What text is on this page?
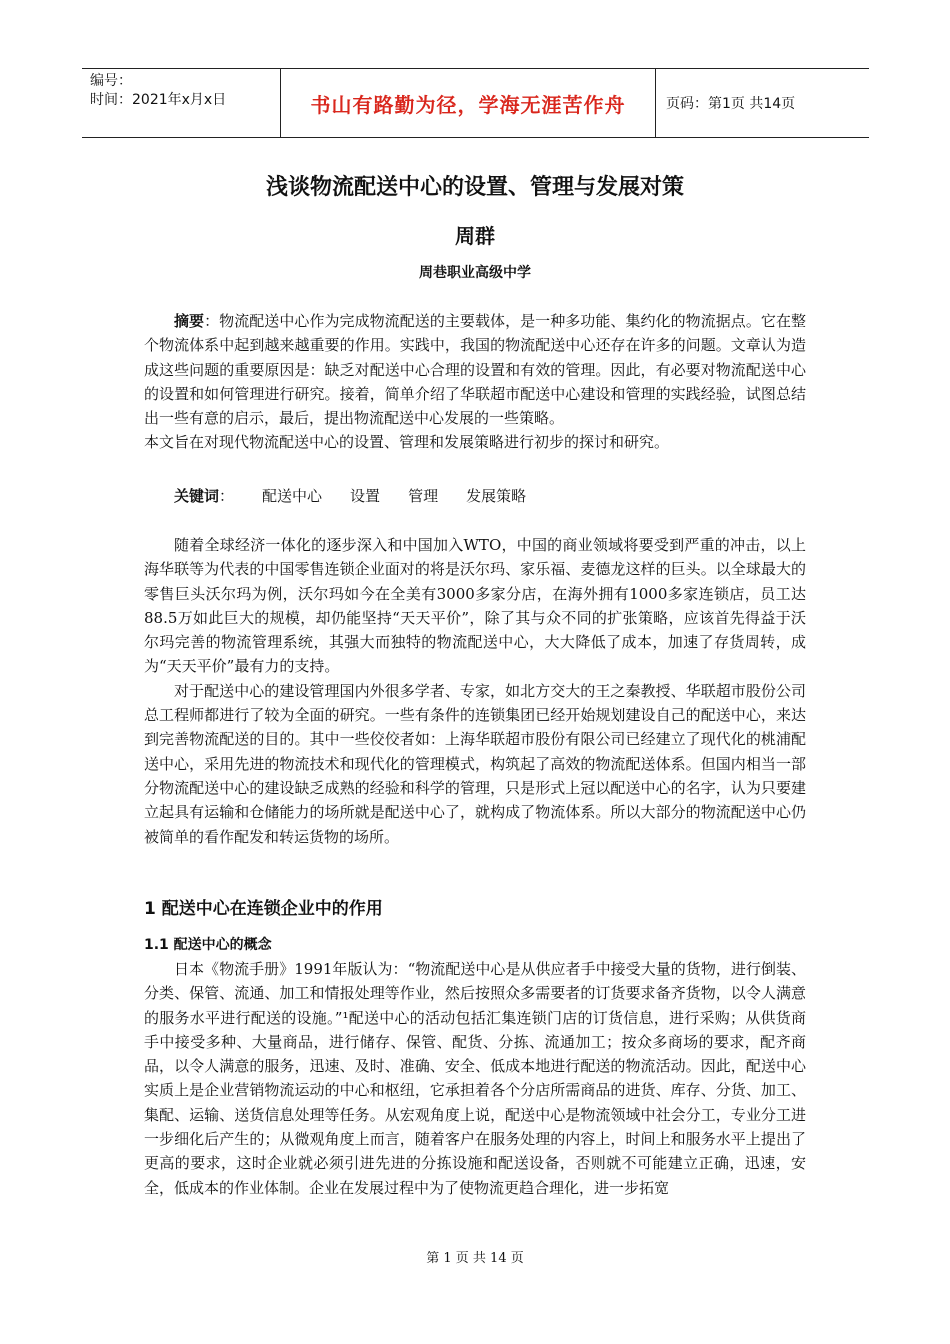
编号：
时间：2021年x月x日	书山有路勤为径，学海无涯苦作舟	页码：第1页 共14页
浅谈物流配送中心的设置、管理与发展对策
周群
周巷职业高级中学

摘要：物流配送中心作为完成物流配送的主要载体，是一种多功能、集约化的物流据点。它在整个物流体系中起到越来越重要的作用。实践中，我国的物流配送中心还存在许多的问题。文章认为造成这些问题的重要原因是：缺乏对配送中心合理的设置和有效的管理。因此，有必要对物流配送中心的设置和如何管理进行研究。接着，简单介绍了华联超市配送中心建设和管理的实践经验，试图总结出一些有意的启示，最后，提出物流配送中心发展的一些策略。

本文旨在对现代物流配送中心的设置、管理和发展策略进行初步的探讨和研究。

关键词： 配送中心 设置 管理 发展策略

随着全球经济一体化的逐步深入和中国加入WTO，中国的商业领域将要受到严重的冲击，以上海华联等为代表的中国零售连锁企业面对的将是沃尔玛、家乐福、麦德龙这样的巨头。以全球最大的零售巨头沃尔玛为例，沃尔玛如今在全美有3000多家分店，在海外拥有1000多家连锁店，员工达88.5万如此巨大的规模，却仍能坚持“天天平价”，除了其与众不同的扩张策略，应该首先得益于沃尔玛完善的物流管理系统，其强大而独特的物流配送中心，大大降低了成本，加速了存货周转，成为“天天平价”最有力的支持。

对于配送中心的建设管理国内外很多学者、专家，如北方交大的王之秦教授、华联超市股份公司总工程师都进行了较为全面的研究。一些有条件的连锁集团已经开始规划建设自己的配送中心，来达到完善物流配送的目的。其中一些佼佼者如：上海华联超市股份有限公司已经建立了现代化的桃浦配送中心，采用先进的物流技术和现代化的管理模式，构筑起了高效的物流配送体系。但国内相当一部分物流配送中心的建设缺乏成熟的经验和科学的管理，只是形式上冠以配送中心的名字，认为只要建立起具有运输和仓储能力的场所就是配送中心了，就构成了物流体系。所以大部分的物流配送中心仍被简单的看作配发和转运货物的场所。

1 配送中心在连锁企业中的作用
1.1 配送中心的概念

日本《物流手册》1991年版认为：“物流配送中心是从供应者手中接受大量的货物，进行倒装、分类、保管、流通、加工和情报处理等作业，然后按照众多需要者的订货要求备齐货物，以令人满意的服务水平进行配送的设施。”¹配送中心的活动包括汇集连锁门店的订货信息，进行采购；从供货商手中接受多种、大量商品，进行储存、保管、配货、分拣、流通加工；按众多商场的要求，配齐商品，以令人满意的服务，迅速、及时、准确、安全、低成本地进行配送的物流活动。因此，配送中心实质上是企业营销物流运动的中心和枢纽，它承担着各个分店所需商品的进货、库存、分货、加工、集配、运输、送货信息处理等任务。从宏观角度上说，配送中心是物流领域中社会分工，专业分工进一步细化后产生的；从微观角度上而言，随着客户在服务处理的内容上，时间上和服务水平上提出了更高的要求，这时企业就必须引进先进的分拣设施和配送设备，否则就不可能建立正确，迅速，安全，低成本的作业体制。企业在发展过程中为了使物流更趋合理化，进一步拓宽

第 1 页 共 14 页
